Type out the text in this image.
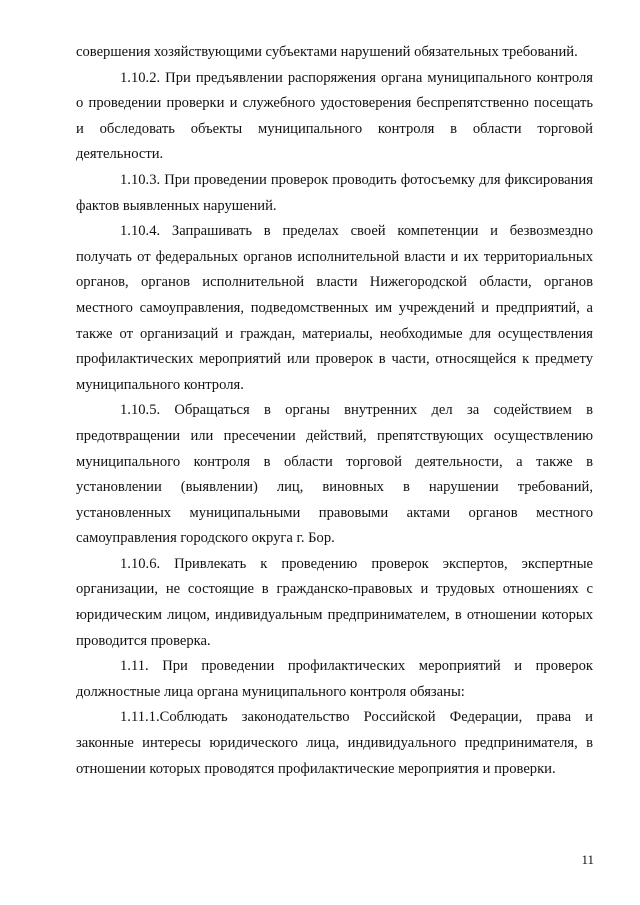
совершения хозяйствующими субъектами нарушений обязательных требований.

1.10.2. При предъявлении распоряжения органа муниципального контроля о проведении проверки и служебного удостоверения беспрепятственно посещать и обследовать объекты муниципального контроля в области торговой деятельности.

1.10.3. При проведении проверок проводить фотосъемку для фиксирования фактов выявленных нарушений.

1.10.4. Запрашивать в пределах своей компетенции и безвозмездно получать от федеральных органов исполнительной власти и их территориальных органов, органов исполнительной власти Нижегородской области, органов местного самоуправления, подведомственных им учреждений и предприятий, а также от организаций и граждан, материалы, необходимые для осуществления профилактических мероприятий или проверок в части, относящейся к предмету муниципального контроля.

1.10.5. Обращаться в органы внутренних дел за содействием в предотвращении или пресечении действий, препятствующих осуществлению муниципального контроля в области торговой деятельности, а также в установлении (выявлении) лиц, виновных в нарушении требований, установленных муниципальными правовыми актами органов местного самоуправления городского округа г. Бор.

1.10.6. Привлекать к проведению проверок экспертов, экспертные организации, не состоящие в гражданско-правовых и трудовых отношениях с юридическим лицом, индивидуальным предпринимателем, в отношении которых проводится проверка.

1.11. При проведении профилактических мероприятий и проверок должностные лица органа муниципального контроля обязаны:

1.11.1.Соблюдать законодательство Российской Федерации, права и законные интересы юридического лица, индивидуального предпринимателя, в отношении которых проводятся профилактические мероприятия и проверки.

11
